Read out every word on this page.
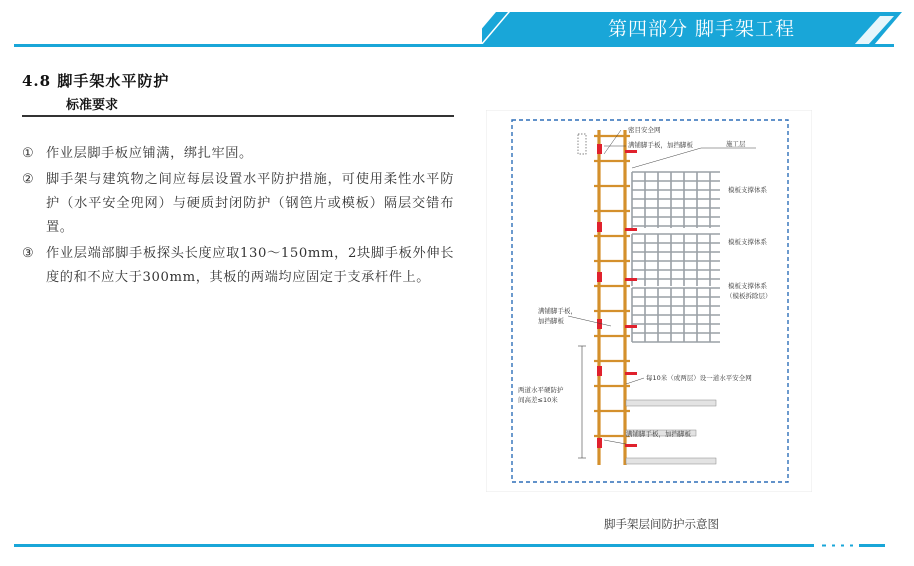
第四部分 脚手架工程
4.8 脚手架水平防护
标准要求
① 作业层脚手板应铺满，绑扎牢固。
② 脚手架与建筑物之间应每层设置水平防护措施，可使用柔性水平防护（水平安全兜网）与硬质封闭防护（钢笆片或模板）隔层交错布置。
③ 作业层端部脚手板探头长度应取130～150mm，2块脚手板外伸长度的和不应大于300mm，其板的两端均应固定于支承杆件上。
密目安全网
满铺脚手板，加挡脚板	施工层
模板支撑体系
模板支撑体系
模板支撑体系
（模板拆除层）
满铺脚手板，
加挡脚板
每10米（或两层）设一道水平安全网
两道水平硬防护
间高差≤10米
满铺脚手板，加挡脚板
脚手架层间防护示意图
